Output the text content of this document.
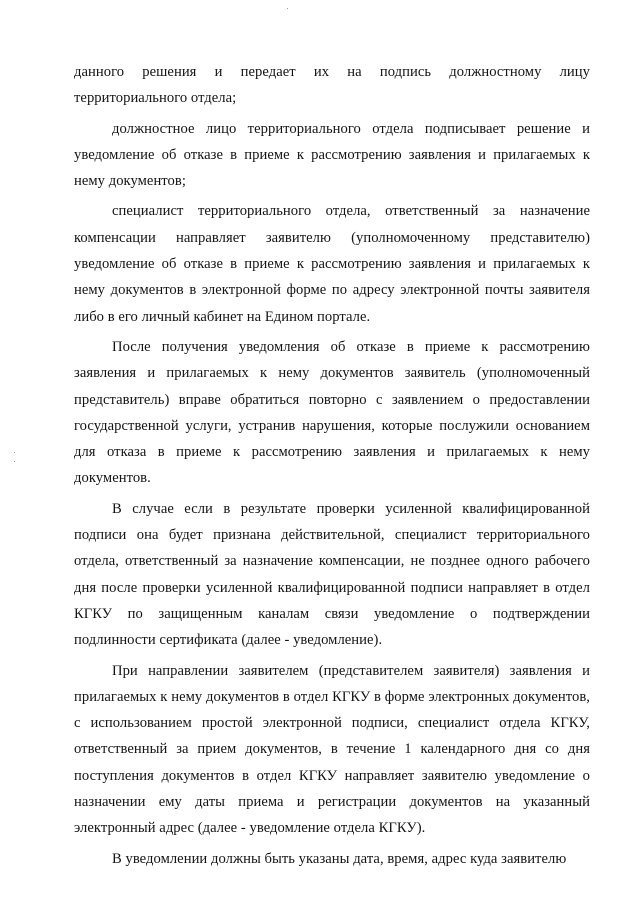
данного решения и передает их на подпись должностному лицу территориального отдела;

должностное лицо территориального отдела подписывает решение и уведомление об отказе в приеме к рассмотрению заявления и прилагаемых к нему документов;

специалист территориального отдела, ответственный за назначение компенсации направляет заявителю (уполномоченному представителю) уведомление об отказе в приеме к рассмотрению заявления и прилагаемых к нему документов в электронной форме по адресу электронной почты заявителя либо в его личный кабинет на Едином портале.

После получения уведомления об отказе в приеме к рассмотрению заявления и прилагаемых к нему документов заявитель (уполномоченный представитель) вправе обратиться повторно с заявлением о предоставлении государственной услуги, устранив нарушения, которые послужили основанием для отказа в приеме к рассмотрению заявления и прилагаемых к нему документов.

В случае если в результате проверки усиленной квалифицированной подписи она будет признана действительной, специалист территориального отдела, ответственный за назначение компенсации, не позднее одного рабочего дня после проверки усиленной квалифицированной подписи направляет в отдел КГКУ по защищенным каналам связи уведомление о подтверждении подлинности сертификата (далее - уведомление).

При направлении заявителем (представителем заявителя) заявления и прилагаемых к нему документов в отдел КГКУ в форме электронных документов, с использованием простой электронной подписи, специалист отдела КГКУ, ответственный за прием документов, в течение 1 календарного дня со дня поступления документов в отдел КГКУ направляет заявителю уведомление о назначении ему даты приема и регистрации документов на указанный электронный адрес (далее - уведомление отдела КГКУ).

В уведомлении должны быть указаны дата, время, адрес куда заявителю
